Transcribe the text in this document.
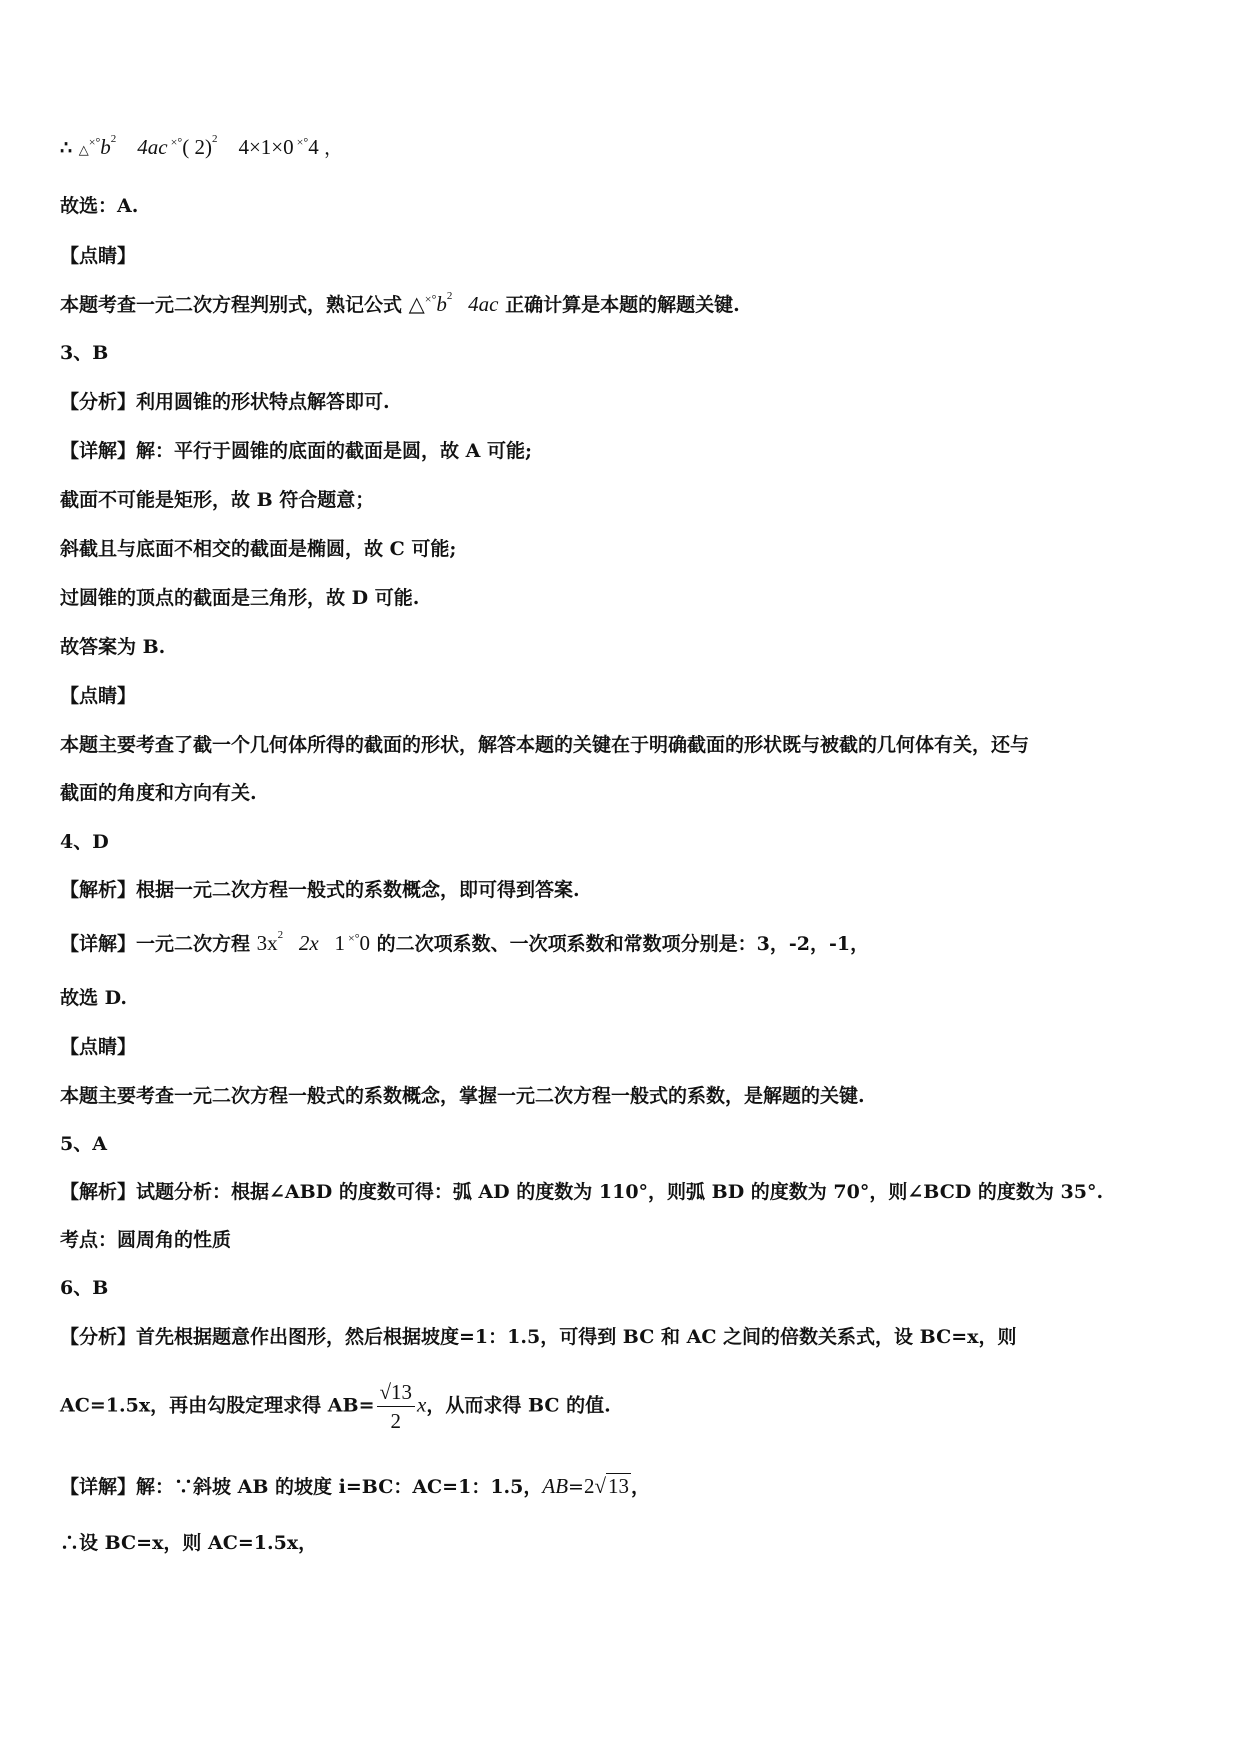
∴ $\triangle^{\times^\circ}b^2$ 4ac ×°( 2)$^2$ 4×1×0 ×°4 ，
故选：A.
【点睛】
本题考查一元二次方程判别式，熟记公式 $\triangle^{\times^\circ}b^2$ 4ac 正确计算是本题的解题关键.
3、B
【分析】利用圆锥的形状特点解答即可.
【详解】解：平行于圆锥的底面的截面是圆，故 A 可能;
截面不可能是矩形，故 B 符合题意；
斜截且与底面不相交的截面是椭圆，故 C 可能;
过圆锥的顶点的截面是三角形，故 D 可能.
故答案为 B.
【点睛】
本题主要考查了截一个几何体所得的截面的形状，解答本题的关键在于明确截面的形状既与被截的几何体有关，还与
截面的角度和方向有关.
4、D
【解析】根据一元二次方程一般式的系数概念，即可得到答案.
【详解】一元二次方程 $3x^2$ 2x 1 ×°0 的二次项系数、一次项系数和常数项分别是：3，-2，-1，
故选 D.
【点睛】
本题主要考查一元二次方程一般式的系数概念，掌握一元二次方程一般式的系数，是解题的关键.
5、A
【解析】试题分析：根据∠ABD 的度数可得：弧 AD 的度数为 110°，则弧 BD 的度数为 70°，则∠BCD 的度数为 35°.
考点：圆周角的性质
6、B
【分析】首先根据题意作出图形，然后根据坡度=1：1.5，可得到 BC 和 AC 之间的倍数关系式，设 BC=x，则
AC=1.5x，再由勾股定理求得 $AB= \frac{√13}{2}$ x，从而求得 BC 的值.
【详解】解：∵斜坡 AB 的坡度 i=BC：AC=1：1.5，AB=2√13 ，
∴设 BC=x，则 AC=1.5x，
